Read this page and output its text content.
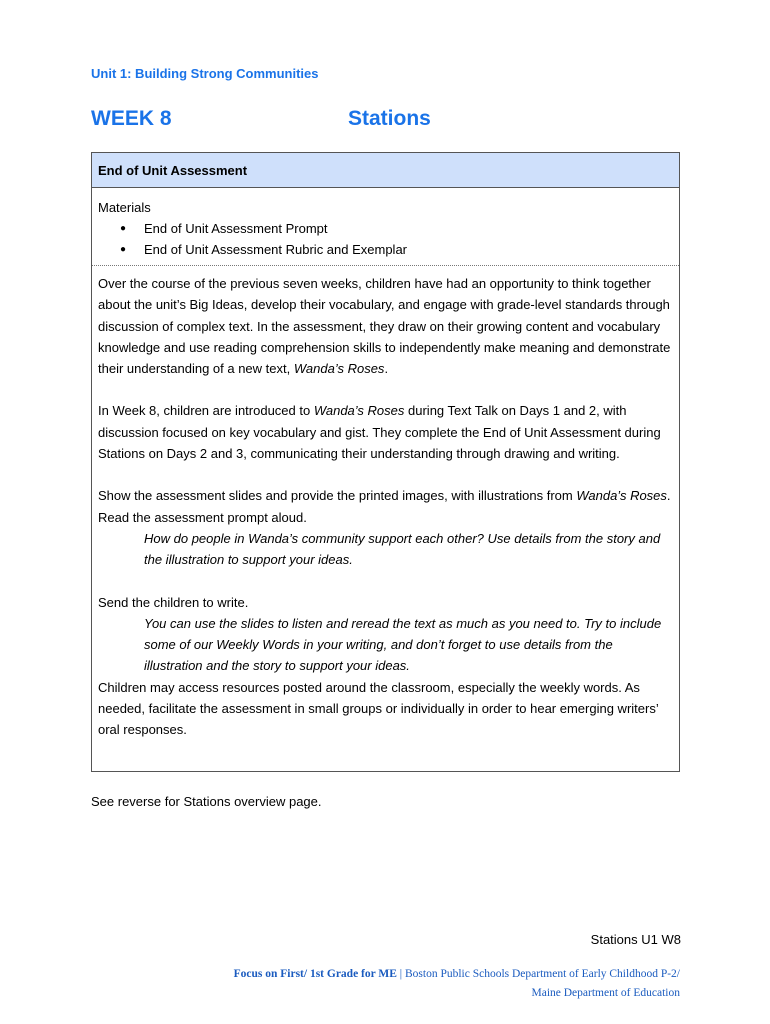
Unit 1: Building Strong Communities
WEEK 8	Stations
End of Unit Assessment
Materials
● End of Unit Assessment Prompt
● End of Unit Assessment Rubric and Exemplar

Over the course of the previous seven weeks, children have had an opportunity to think together about the unit’s Big Ideas, develop their vocabulary, and engage with grade-level standards through discussion of complex text. In the assessment, they draw on their growing content and vocabulary knowledge and use reading comprehension skills to independently make meaning and demonstrate their understanding of a new text, Wanda’s Roses.

In Week 8, children are introduced to Wanda’s Roses during Text Talk on Days 1 and 2, with discussion focused on key vocabulary and gist. They complete the End of Unit Assessment during Stations on Days 2 and 3, communicating their understanding through drawing and writing.

Show the assessment slides and provide the printed images, with illustrations from Wanda’s Roses. Read the assessment prompt aloud.

How do people in Wanda’s community support each other? Use details from the story and the illustration to support your ideas.

Send the children to write.

You can use the slides to listen and reread the text as much as you need to. Try to include some of our Weekly Words in your writing, and don’t forget to use details from the illustration and the story to support your ideas.

Children may access resources posted around the classroom, especially the weekly words. As needed, facilitate the assessment in small groups or individually in order to hear emerging writers’ oral responses.

See reverse for Stations overview page.
Stations U1 W8
Focus on First/ 1st Grade for ME | Boston Public Schools Department of Early Childhood P-2/
Maine Department of Education
